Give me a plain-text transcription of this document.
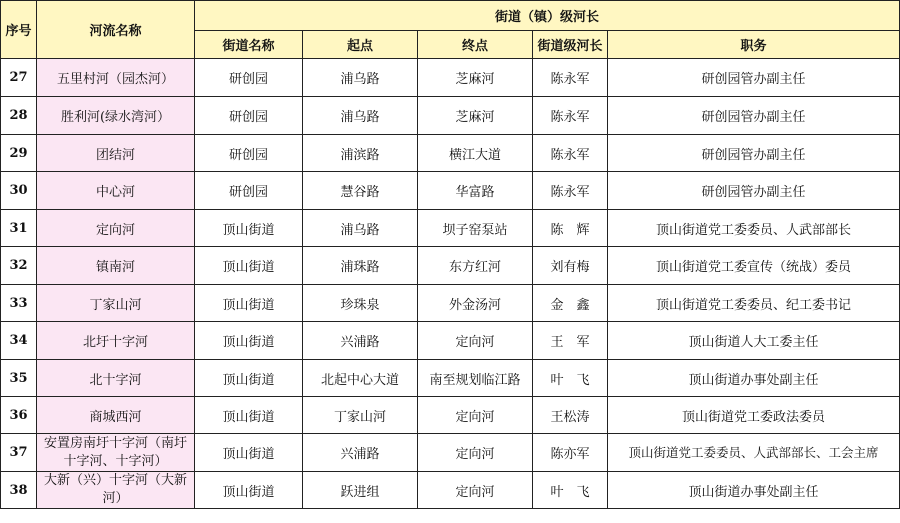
序号	河流名称	街道（镇）级河长				
		街道名称	起点	终点	街道级河长	职务
27	五里村河（园杰河）	研创园	浦乌路	芝麻河	陈永军	研创园管办副主任
28	胜利河(绿水湾河）	研创园	浦乌路	芝麻河	陈永军	研创园管办副主任
29	团结河	研创园	浦滨路	横江大道	陈永军	研创园管办副主任
30	中心河	研创园	慧谷路	华富路	陈永军	研创园管办副主任
31	定向河	顶山街道	浦乌路	坝子窑泵站	陈　辉	顶山街道党工委委员、人武部部长
32	镇南河	顶山街道	浦珠路	东方红河	刘有梅	顶山街道党工委宣传（统战）委员
33	丁家山河	顶山街道	珍珠泉	外金汤河	金　鑫	顶山街道党工委委员、纪工委书记
34	北圩十字河	顶山街道	兴浦路	定向河	王　军	顶山街道人大工委主任
35	北十字河	顶山街道	北起中心大道	南至规划临江路	叶　飞	顶山街道办事处副主任
36	商城西河	顶山街道	丁家山河	定向河	王松涛	顶山街道党工委政法委员
37	安置房南圩十字河（南圩十字河、十字河）	顶山街道	兴浦路	定向河	陈亦军	顶山街道党工委委员、人武部部长、工会主席
38	大新（兴）十字河（大新河）	顶山街道	跃进组	定向河	叶　飞	顶山街道办事处副主任
